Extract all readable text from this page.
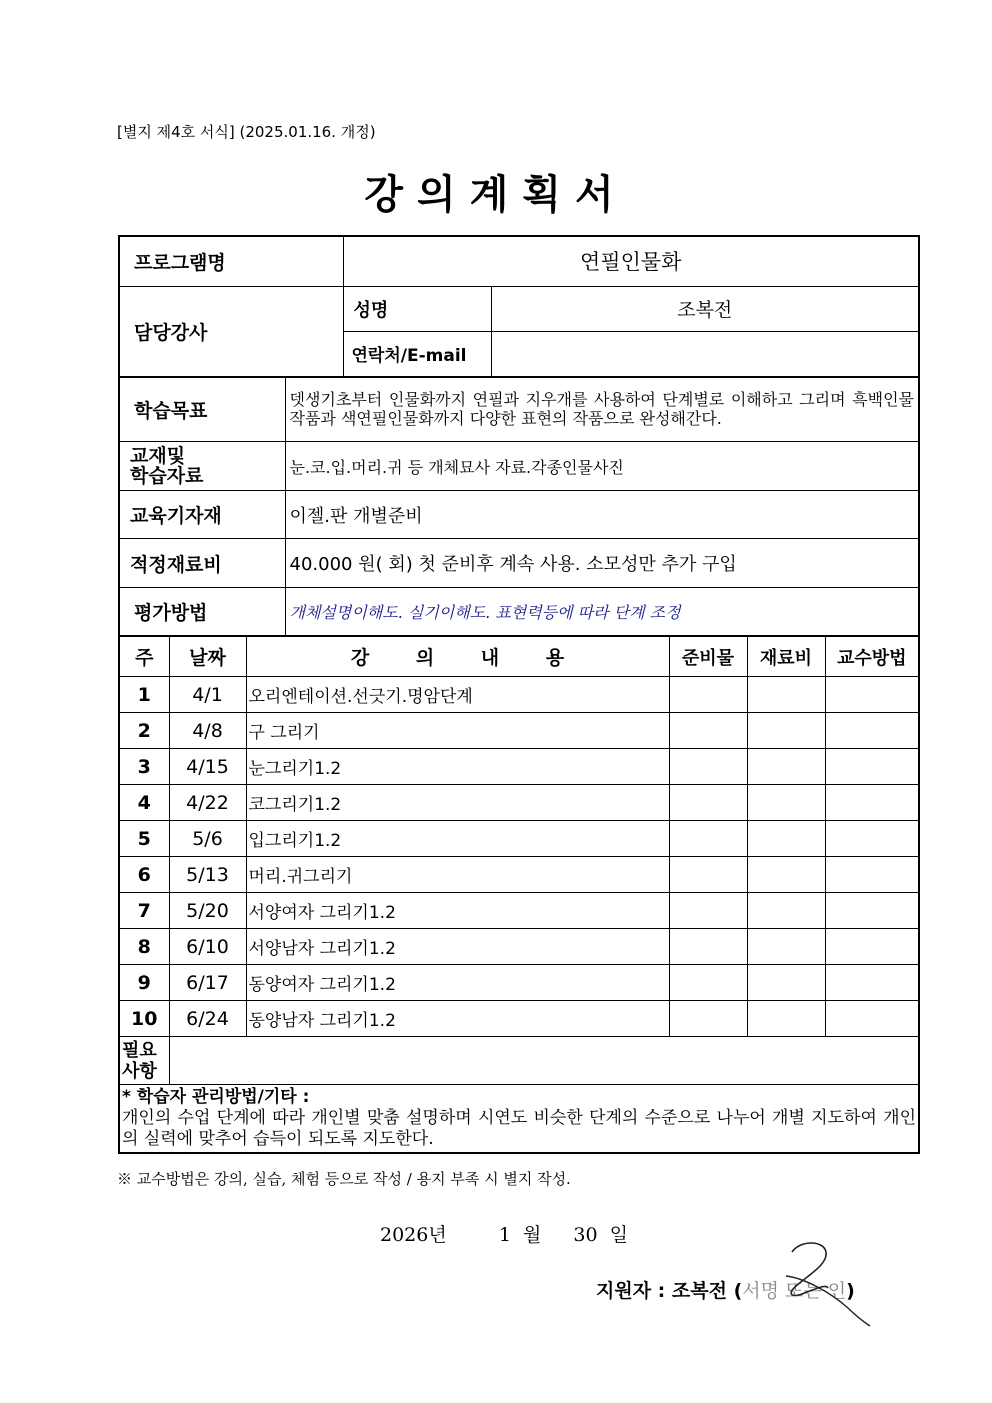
[별지 제4호 서식] (2025.01.16. 개정)
강의계획서
프로그램명	연필인물화	
담당강사	성명	조복전
	연락처/E-mail	
학습목표	뎃생기초부터 인물화까지 연필과 지우개를 사용하여 단계별로 이해하고 그리며 흑백인물작품과 색연필인물화까지 다양한 표현의 작품으로 완성해간다.

교재및
학습자료	눈.코.입.머리.귀 등 개체묘사 자료.각종인물사진
교육기자재	이젤.판 개별준비
적정재료비	40.000 원( 회) 첫 준비후 계속 사용. 소모성만 추가 구입
평가방법	개체설명이해도. 실기이해도. 표현력등에 따라 단계 조정
주	날짜	강 의 내 용	준비물	재료비	교수방법
1	4/1	오리엔테이션.선긋기.명암단계			
2	4/8	구 그리기			
3	4/15	눈그리기1.2			
4	4/22	코그리기1.2			
5	5/6	입그리기1.2			
6	5/13	머리.귀그리기			
7	5/20	서양여자 그리기1.2			
8	6/10	서양남자 그리기1.2			
9	6/17	동양여자 그리기1.2			
10	6/24	동양남자 그리기1.2			

필요
사항					

* 학습자 관리방법/기타 :
개인의 수업 단계에 따라 개인별 맞춤 설명하며 시연도 비슷한 단계의 수준으로 나누어 개별 지도하여 개인의 실력에 맞추어 습득이 되도록 지도한다.					
※ 교수방법은 강의, 실습, 체험 등으로 작성 / 용지 부족 시 별지 작성.
2026년	1 월 30 일
지원자 : 조복전 (서명 또는 인)
